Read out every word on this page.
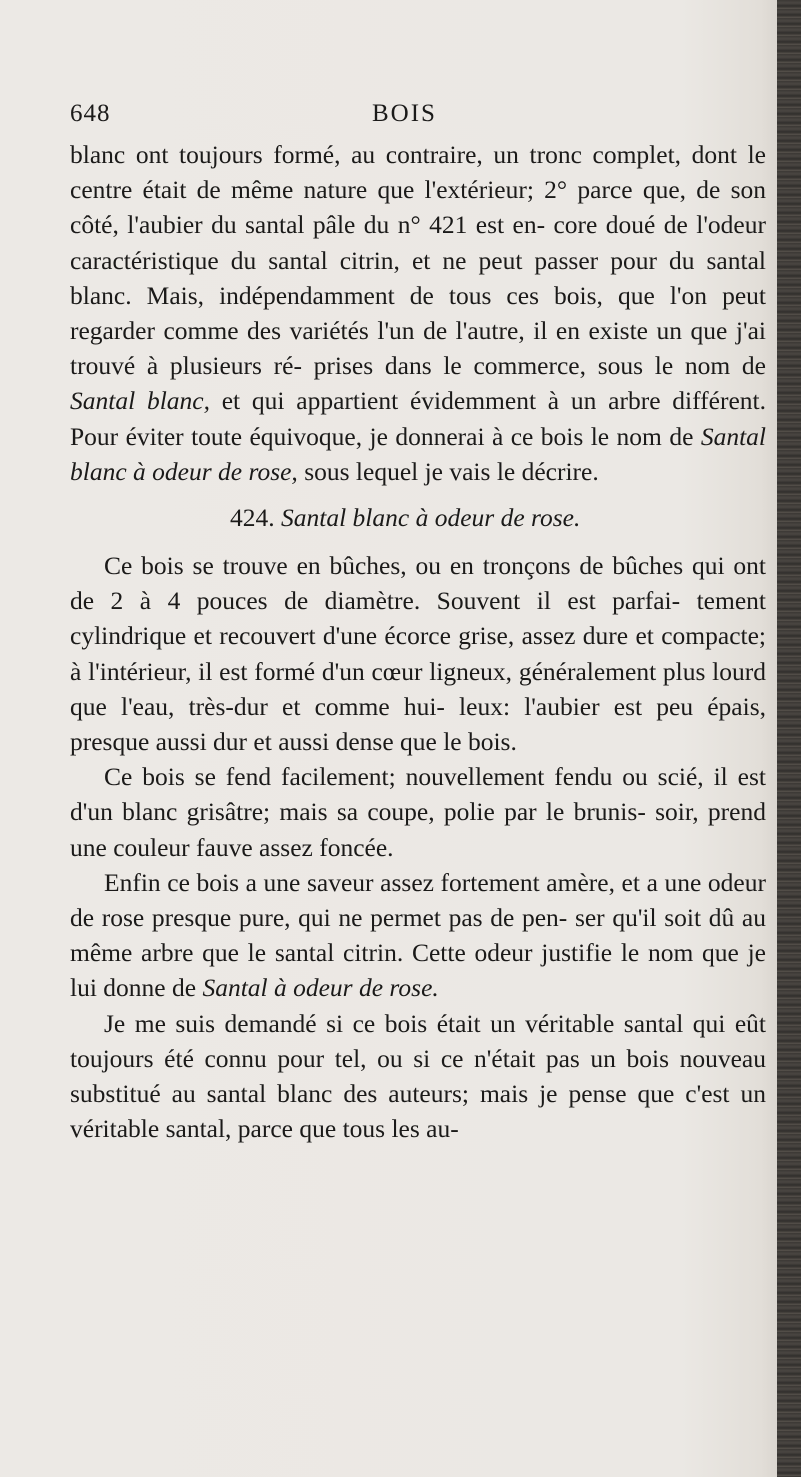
648	BOIS

blanc ont toujours formé, au contraire, un tronc complet, dont le centre était de même nature que l'extérieur; 2° parce que, de son côté, l'aubier du santal pâle du n° 421 est en- core doué de l'odeur caractéristique du santal citrin, et ne peut passer pour du santal blanc. Mais, indépendamment de tous ces bois, que l'on peut regarder comme des variétés l'un de l'autre, il en existe un que j'ai trouvé à plusieurs ré- prises dans le commerce, sous le nom de Santal blanc, et qui appartient évidemment à un arbre différent. Pour éviter toute équivoque, je donnerai à ce bois le nom de Santal blanc à odeur de rose, sous lequel je vais le décrire.

424. Santal blanc à odeur de rose.

Ce bois se trouve en bûches, ou en tronçons de bûches qui ont de 2 à 4 pouces de diamètre. Souvent il est parfai- tement cylindrique et recouvert d'une écorce grise, assez dure et compacte; à l'intérieur, il est formé d'un cœur ligneux, généralement plus lourd que l'eau, très-dur et comme hui- leux: l'aubier est peu épais, presque aussi dur et aussi dense que le bois.

Ce bois se fend facilement; nouvellement fendu ou scié, il est d'un blanc grisâtre; mais sa coupe, polie par le brunis- soir, prend une couleur fauve assez foncée.

Enfin ce bois a une saveur assez fortement amère, et a une odeur de rose presque pure, qui ne permet pas de pen- ser qu'il soit dû au même arbre que le santal citrin. Cette odeur justifie le nom que je lui donne de Santal à odeur de rose.

Je me suis demandé si ce bois était un véritable santal qui eût toujours été connu pour tel, ou si ce n'était pas un bois nouveau substitué au santal blanc des auteurs; mais je pense que c'est un véritable santal, parce que tous les au-
